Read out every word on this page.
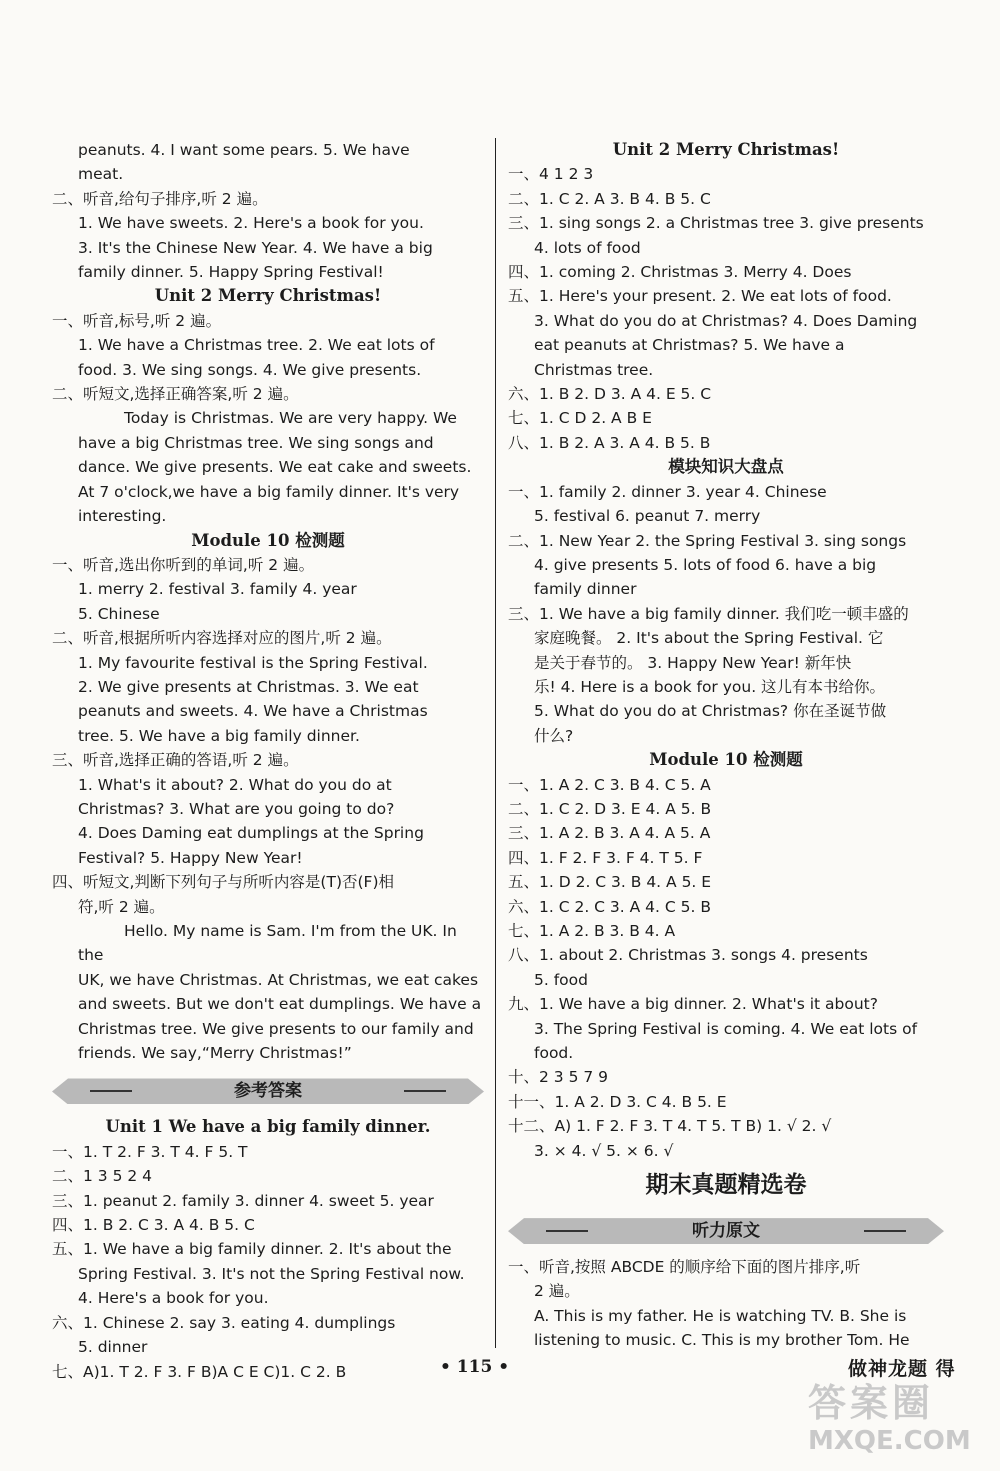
peanuts. 4. I want some pears. 5. We have
meat.
二、听音,给句子排序,听 2 遍。
1. We have sweets. 2. Here's a book for you.
3. It's the Chinese New Year. 4. We have a big
family dinner. 5. Happy Spring Festival!
Unit 2 Merry Christmas!
一、听音,标号,听 2 遍。
1. We have a Christmas tree. 2. We eat lots of
food. 3. We sing songs. 4. We give presents.
二、听短文,选择正确答案,听 2 遍。
Today is Christmas. We are very happy. We
have a big Christmas tree. We sing songs and
dance. We give presents. We eat cake and sweets.
At 7 o'clock,we have a big family dinner. It's very
interesting.
Module 10 检测题
一、听音,选出你听到的单词,听 2 遍。
1. merry 2. festival 3. family 4. year
5. Chinese
二、听音,根据所听内容选择对应的图片,听 2 遍。
1. My favourite festival is the Spring Festival.
2. We give presents at Christmas. 3. We eat
peanuts and sweets. 4. We have a Christmas
tree. 5. We have a big family dinner.
三、听音,选择正确的答语,听 2 遍。
1. What's it about? 2. What do you do at
Christmas? 3. What are you going to do?
4. Does Daming eat dumplings at the Spring
Festival? 5. Happy New Year!
四、听短文,判断下列句子与所听内容是(T)否(F)相
符,听 2 遍。
Hello. My name is Sam. I'm from the UK. In the
UK, we have Christmas. At Christmas, we eat cakes
and sweets. But we don't eat dumplings. We have a
Christmas tree. We give presents to our family and
friends. We say,“Merry Christmas!”
参考答案
Unit 1 We have a big family dinner.
一、1. T 2. F 3. T 4. F 5. T
二、1 3 5 2 4
三、1. peanut 2. family 3. dinner 4. sweet 5. year
四、1. B 2. C 3. A 4. B 5. C
五、1. We have a big family dinner. 2. It's about the
Spring Festival. 3. It's not the Spring Festival now.
4. Here's a book for you.
六、1. Chinese 2. say 3. eating 4. dumplings
5. dinner
七、A)1. T 2. F 3. F B)A C E C)1. C 2. B
Unit 2 Merry Christmas!
一、4 1 2 3
二、1. C 2. A 3. B 4. B 5. C
三、1. sing songs 2. a Christmas tree 3. give presents
4. lots of food
四、1. coming 2. Christmas 3. Merry 4. Does
五、1. Here's your present. 2. We eat lots of food.
3. What do you do at Christmas? 4. Does Daming
eat peanuts at Christmas? 5. We have a
Christmas tree.
六、1. B 2. D 3. A 4. E 5. C
七、1. C D 2. A B E
八、1. B 2. A 3. A 4. B 5. B
模块知识大盘点
一、1. family 2. dinner 3. year 4. Chinese
5. festival 6. peanut 7. merry
二、1. New Year 2. the Spring Festival 3. sing songs
4. give presents 5. lots of food 6. have a big
family dinner
三、1. We have a big family dinner. 我们吃一顿丰盛的
家庭晚餐。 2. It's about the Spring Festival. 它
是关于春节的。 3. Happy New Year! 新年快
乐! 4. Here is a book for you. 这儿有本书给你。
5. What do you do at Christmas? 你在圣诞节做
什么?
Module 10 检测题
一、1. A 2. C 3. B 4. C 5. A
二、1. C 2. D 3. E 4. A 5. B
三、1. A 2. B 3. A 4. A 5. A
四、1. F 2. F 3. F 4. T 5. F
五、1. D 2. C 3. B 4. A 5. E
六、1. C 2. C 3. A 4. C 5. B
七、1. A 2. B 3. B 4. A
八、1. about 2. Christmas 3. songs 4. presents
5. food
九、1. We have a big dinner. 2. What's it about?
3. The Spring Festival is coming. 4. We eat lots of
food.
十、2 3 5 7 9
十一、1. A 2. D 3. C 4. B 5. E
十二、A) 1. F 2. F 3. T 4. T 5. T B) 1. √ 2. √
3. × 4. √ 5. × 6. √
期末真题精选卷
听力原文
一、听音,按照 ABCDE 的顺序给下面的图片排序,听
2 遍。
A. This is my father. He is watching TV. B. She is
listening to music. C. This is my brother Tom. He
• 115 •	做神龙题 得
答案圈
MXQE.COM
